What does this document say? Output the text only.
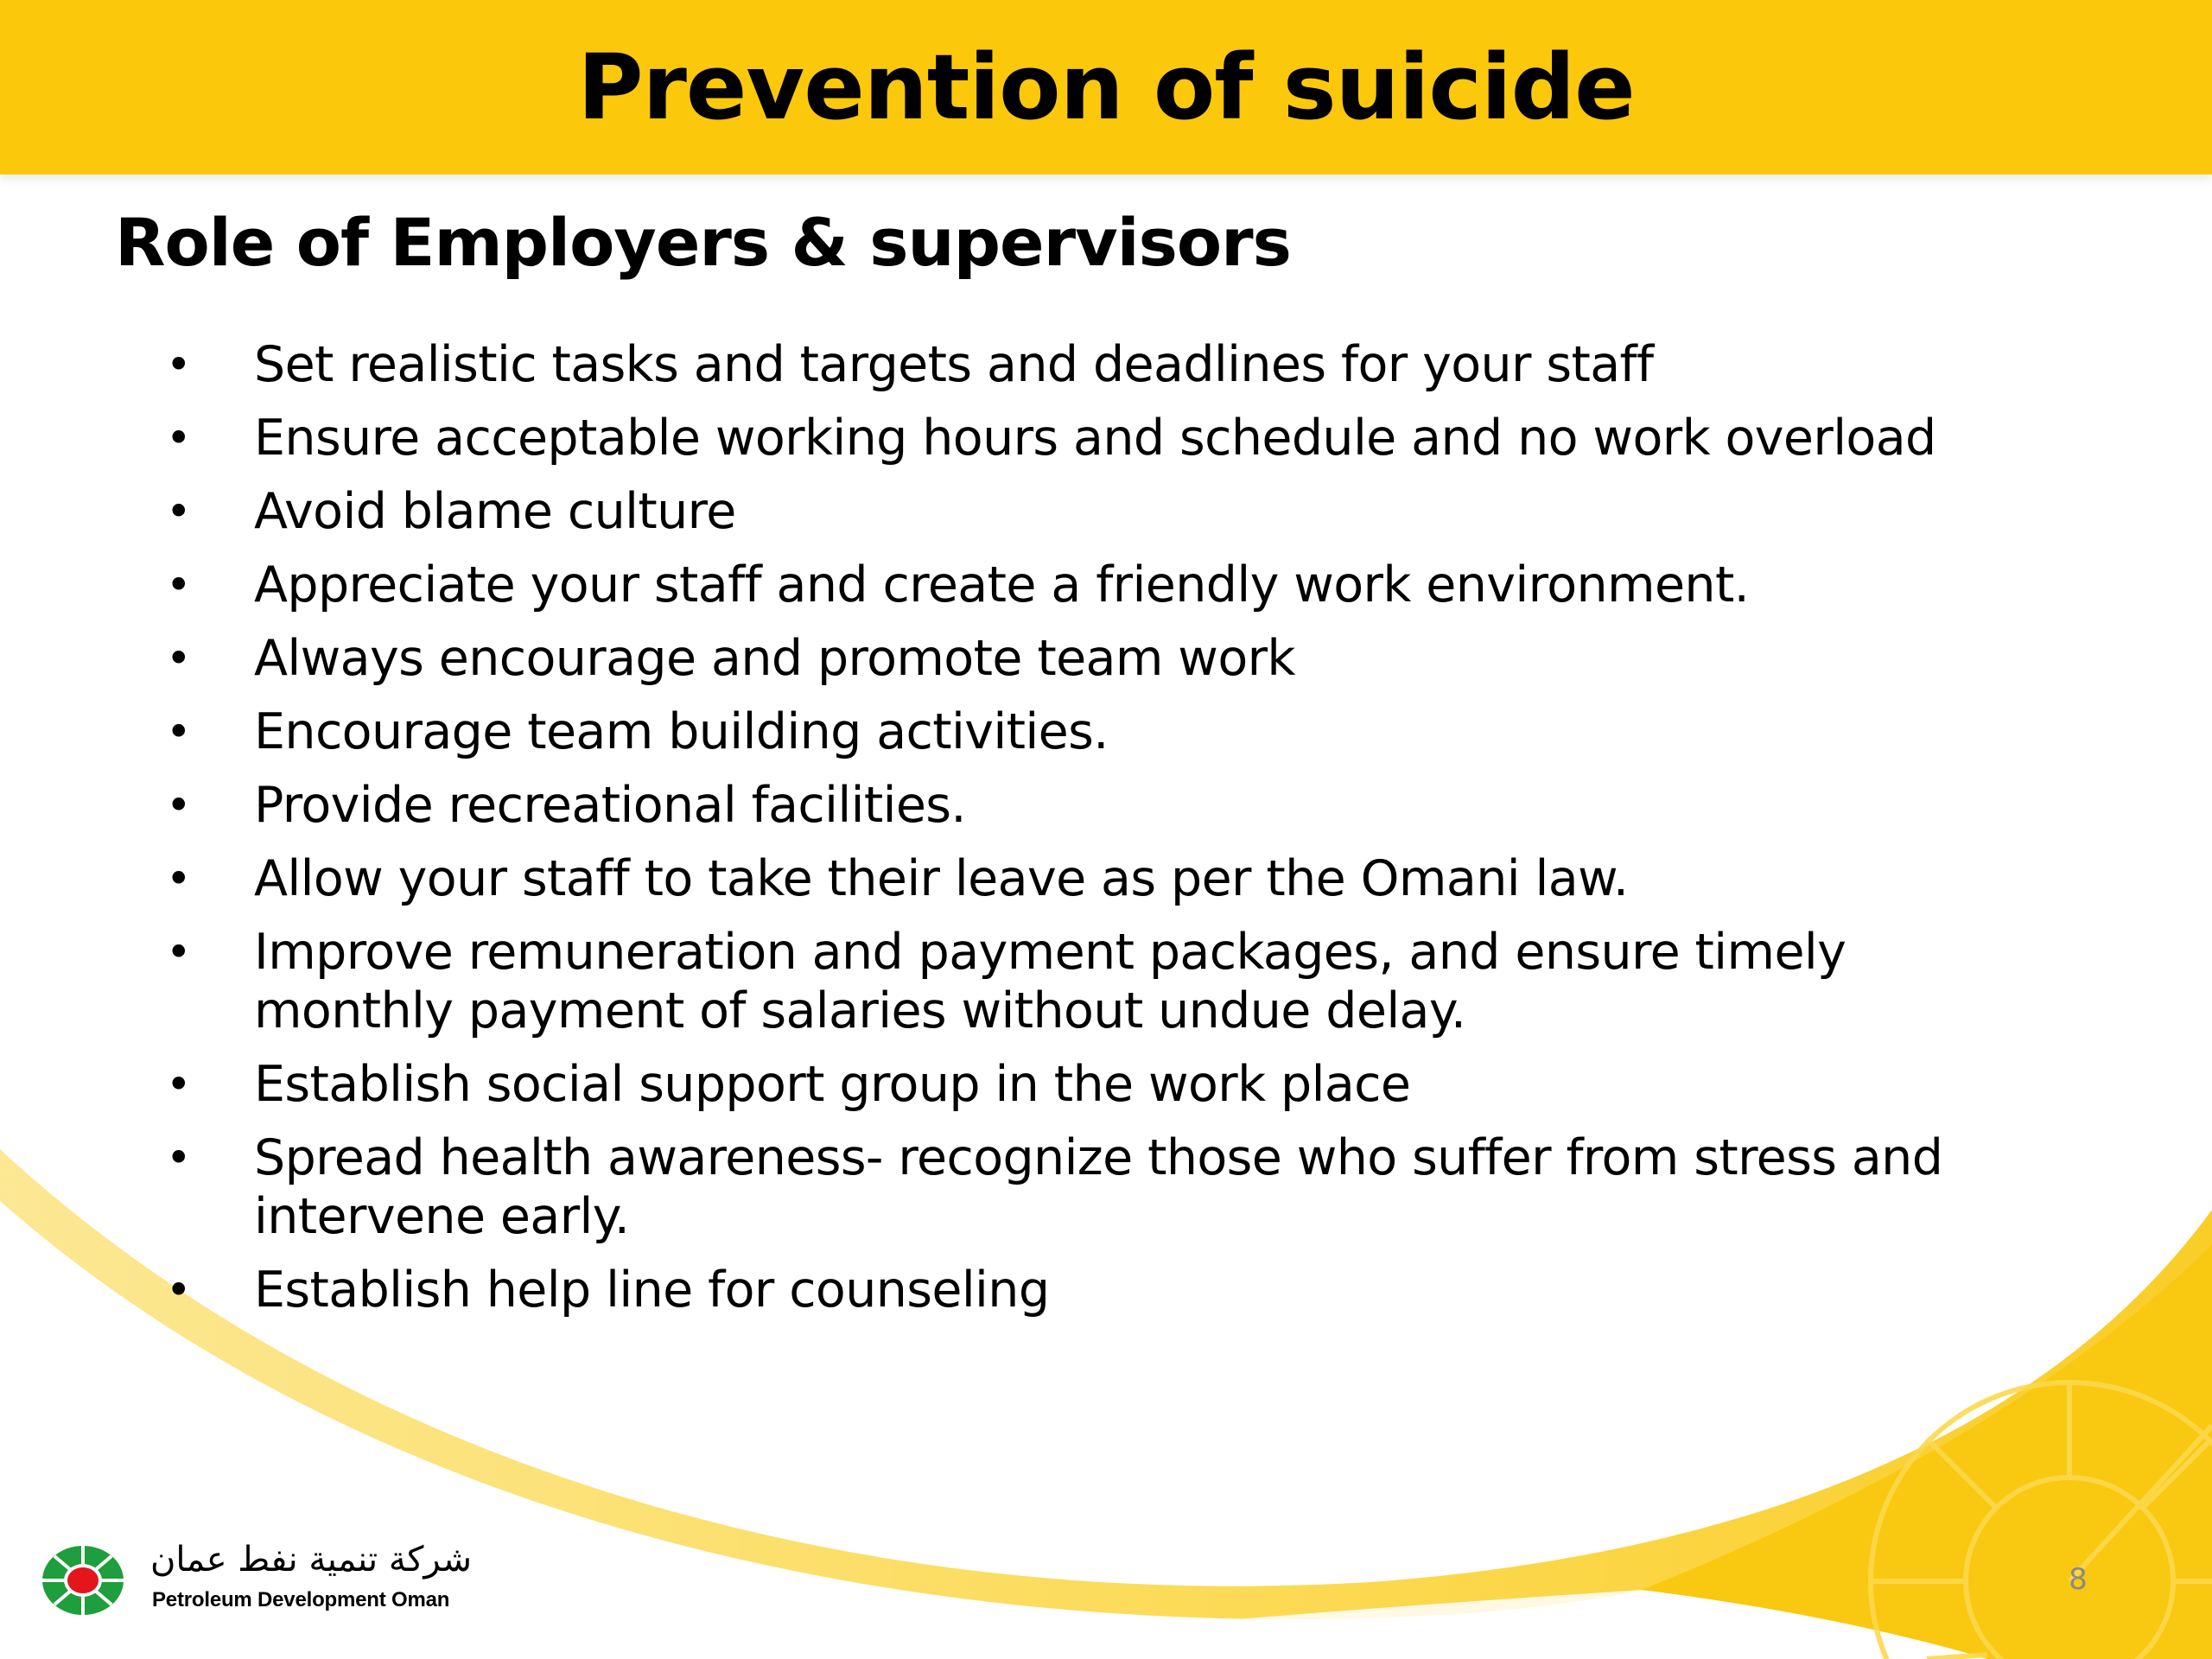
Prevention of suicide
Role of Employers & supervisors
• Set realistic tasks and targets and deadlines for your staff
• Ensure acceptable working hours and schedule and no work overload
• Avoid blame culture
• Appreciate your staff and create a friendly work environment.
• Always encourage and promote team work
• Encourage team building activities.
• Provide recreational facilities.
• Allow your staff to take their leave as per the Omani law.
• Improve remuneration and payment packages, and ensure timely
monthly payment of salaries without undue delay.
• Establish social support group in the work place
• Spread health awareness- recognize those who suffer from stress and
intervene early.
• Establish help line for counseling
شركة تنمية نفط عمان
Petroleum Development Oman
8
